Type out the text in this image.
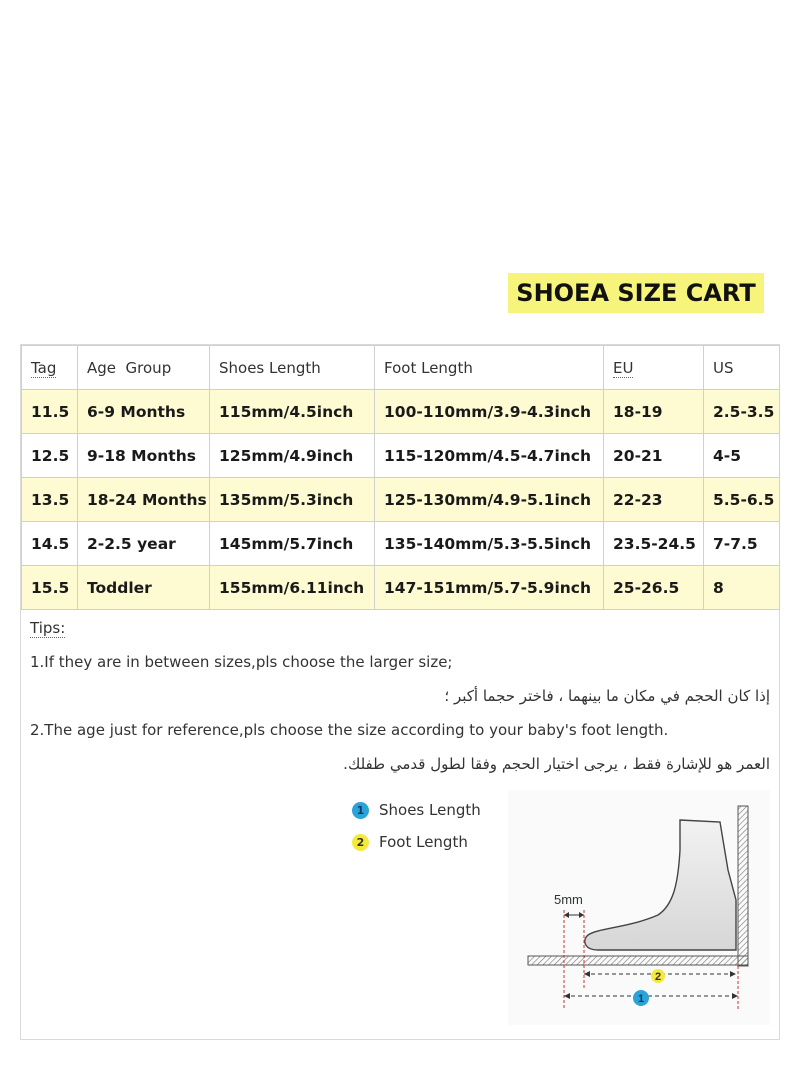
SHOEA SIZE CART
Tag	Age  Group	Shoes Length	Foot Length	EU	US
11.5	6-9 Months	115mm/4.5inch	100-110mm/3.9-4.3inch	18-19	2.5-3.5
12.5	9-18 Months	125mm/4.9inch	115-120mm/4.5-4.7inch	20-21	4-5
13.5	18-24 Months	135mm/5.3inch	125-130mm/4.9-5.1inch	22-23	5.5-6.5
14.5	2-2.5 year	145mm/5.7inch	135-140mm/5.3-5.5inch	23.5-24.5	7-7.5
15.5	Toddler	155mm/6.11inch	147-151mm/5.7-5.9inch	25-26.5	8
Tips:
1.If they are in between sizes,pls choose the larger size;
إذا كان الحجم في مكان ما بينهما ، فاختر حجما أكبر ؛
2.The age just for reference,pls choose the size according to your baby's foot length.
العمر هو للإشارة فقط ، يرجى اختيار الحجم وفقا لطول قدمي طفلك.
1 Shoes Length
2 Foot Length
5mm
2
1
